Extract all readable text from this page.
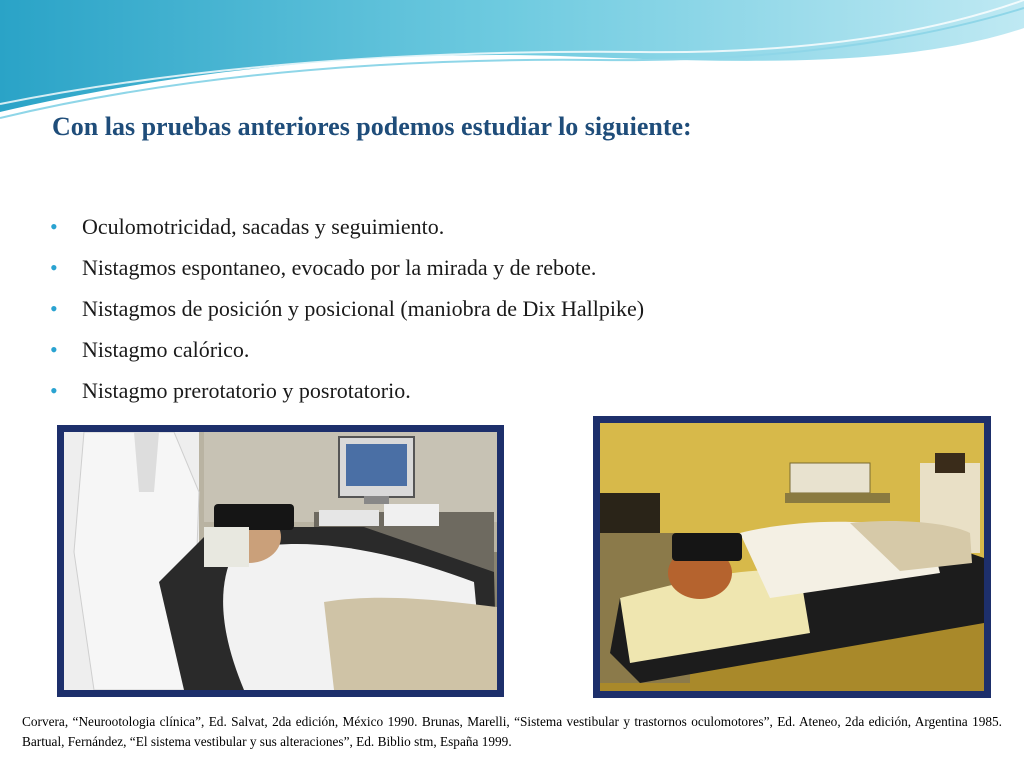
Con las pruebas anteriores podemos estudiar lo siguiente:
• Oculomotricidad, sacadas y seguimiento.
• Nistagmos espontaneo, evocado por la mirada y de rebote.
• Nistagmos de posición y posicional (maniobra de Dix Hallpike)
• Nistagmo calórico.
• Nistagmo prerotatorio y posrotatorio.

Corvera, “Neurootologia clínica”, Ed. Salvat, 2da edición, México 1990. Brunas, Marelli, “Sistema vestibular y trastornos oculomotores”, Ed. Ateneo, 2da edición, Argentina 1985. Bartual, Fernández, “El sistema vestibular y sus alteraciones”, Ed. Biblio stm, España 1999.
